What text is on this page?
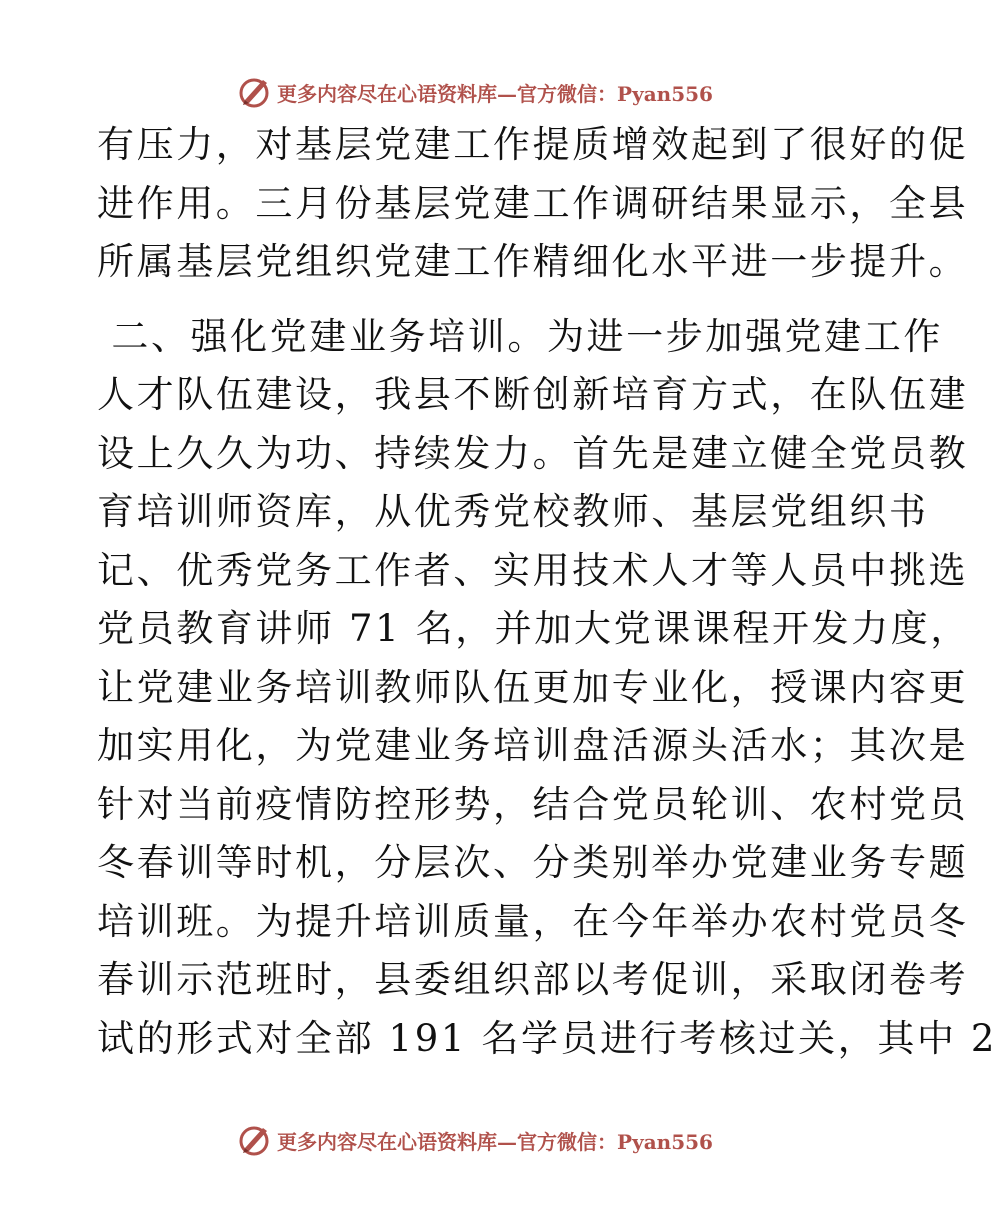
更多内容尽在心语资料库—官方微信：Pyan556
有压力，对基层党建工作提质增效起到了很好的促
进作用。三月份基层党建工作调研结果显示，全县
所属基层党组织党建工作精细化水平进一步提升。
二、强化党建业务培训。为进一步加强党建工作
人才队伍建设，我县不断创新培育方式，在队伍建
设上久久为功、持续发力。首先是建立健全党员教
育培训师资库，从优秀党校教师、基层党组织书
记、优秀党务工作者、实用技术人才等人员中挑选
党员教育讲师 71 名，并加大党课课程开发力度，
让党建业务培训教师队伍更加专业化，授课内容更
加实用化，为党建业务培训盘活源头活水；其次是
针对当前疫情防控形势，结合党员轮训、农村党员
冬春训等时机，分层次、分类别举办党建业务专题
培训班。为提升培训质量，在今年举办农村党员冬
春训示范班时，县委组织部以考促训，采取闭卷考
试的形式对全部 191 名学员进行考核过关，其中 2
更多内容尽在心语资料库—官方微信：Pyan556
